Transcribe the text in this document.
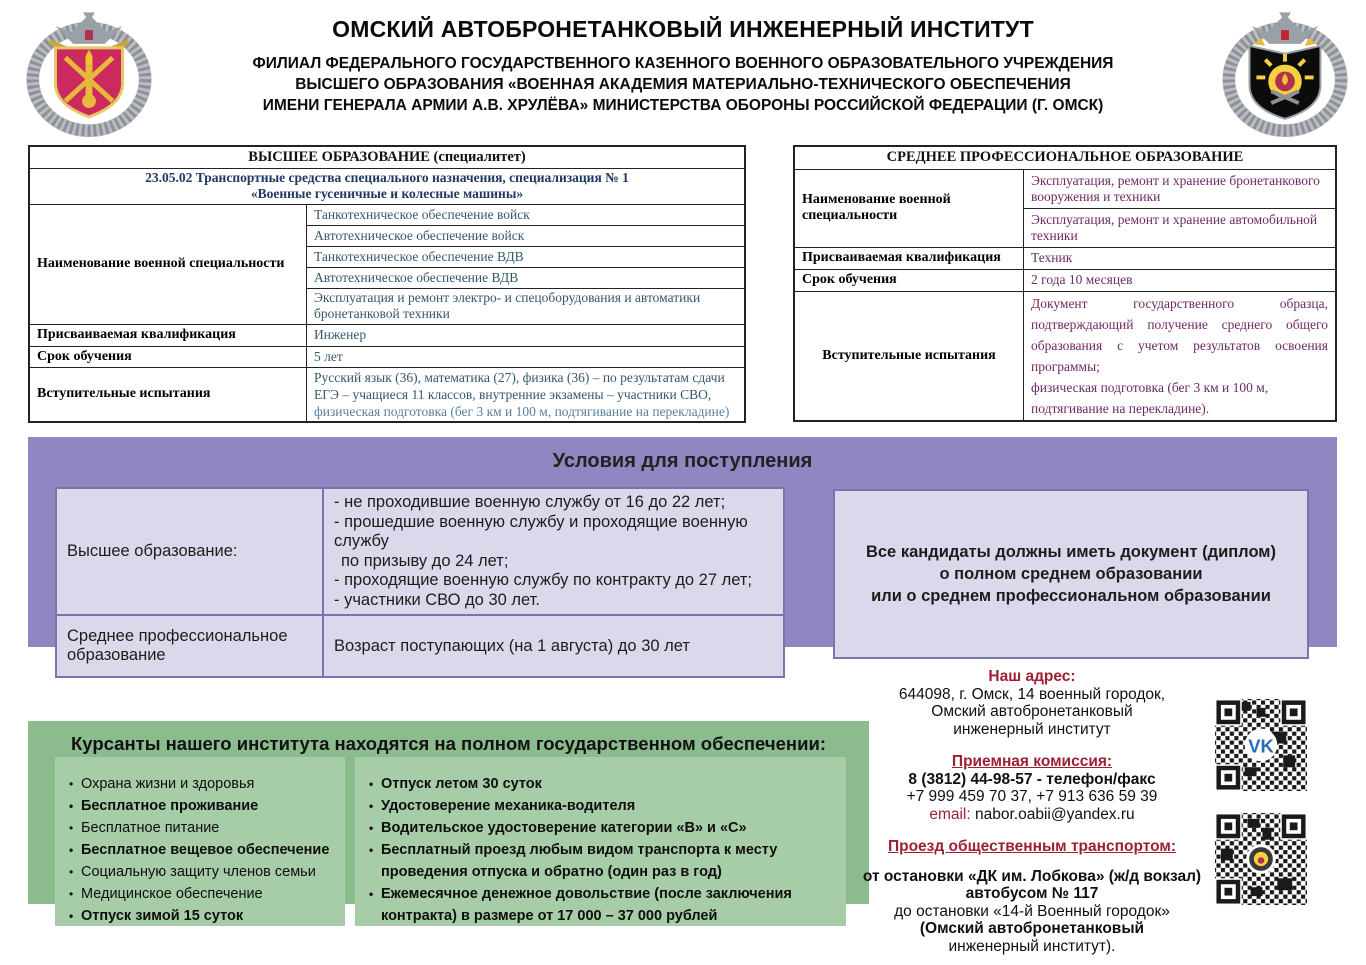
ОМСКИЙ АВТОБРОНЕТАНКОВЫЙ ИНЖЕНЕРНЫЙ ИНСТИТУТ
ФИЛИАЛ ФЕДЕРАЛЬНОГО ГОСУДАРСТВЕННОГО КАЗЕННОГО ВОЕННОГО ОБРАЗОВАТЕЛЬНОГО УЧРЕЖДЕНИЯ
ВЫСШЕГО ОБРАЗОВАНИЯ «ВОЕННАЯ АКАДЕМИЯ МАТЕРИАЛЬНО-ТЕХНИЧЕСКОГО ОБЕСПЕЧЕНИЯ
ИМЕНИ ГЕНЕРАЛА АРМИИ А.В. ХРУЛЁВА» МИНИСТЕРСТВА ОБОРОНЫ РОССИЙСКОЙ ФЕДЕРАЦИИ (Г. ОМСК)
ВЫСШЕЕ ОБРАЗОВАНИЕ (специалитет)	

23.05.02 Транспортные средства специального назначения, специализация № 1
«Военные гусеничные и колесные машины»	

Наименование военной специальности	Танкотехническое обеспечение войск
	Автотехническое обеспечение войск
	Танкотехническое обеспечение ВДВ
	Автотехническое обеспечение ВДВ
	Эксплуатация и ремонт электро- и спецоборудования и автоматики бронетанковой техники
Присваиваемая квалификация	Инженер
Срок обучения	5 лет
Вступительные испытания	Русский язык (36), математика (27), физика (36) – по результатам сдачи ЕГЭ – учащиеся 11 классов, внутренние экзамены – участники СВО,
физическая подготовка (бег 3 км и 100 м, подтягивание на перекладине)
СРЕДНЕЕ ПРОФЕССИОНАЛЬНОЕ ОБРАЗОВАНИЕ	
Наименование военной специальности	Эксплуатация, ремонт и хранение бронетанкового вооружения и техники
	Эксплуатация, ремонт и хранение автомобильной техники
Присваиваемая квалификация	Техник
Срок обучения	2 года 10 месяцев
Вступительные испытания	Документ государственного образца, подтверждающий получение среднего общего образования с учетом результатов освоения программы;
физическая подготовка (бег 3 км и 100 м, подтягивание на перекладине).
Условия для поступления
Высшее образование:	- не проходившие военную службу от 16 до 22 лет;
- прошедшие военную службу и проходящие военную службу
по призыву до 24 лет;
- проходящие военную службу по контракту до 27 лет;
- участники СВО до 30 лет.

Среднее профессиональное образование	Возраст поступающих (на 1 августа) до 30 лет
Все кандидаты должны иметь документ (диплом)
о полном среднем образовании
или о среднем профессиональном образовании
Курсанты нашего института находятся на полном государственном обеспечении:
• Охрана жизни и здоровья
• Бесплатное проживание
• Бесплатное питание
• Бесплатное вещевое обеспечение
• Социальную защиту членов семьи
• Медицинское обеспечение
• Отпуск зимой 15 суток
• Отпуск летом 30 суток
• Удостоверение механика-водителя
• Водительское удостоверение категории «В» и «С»
• Бесплатный проезд любым видом транспорта к месту проведения отпуска и обратно (один раз в год)
• Ежемесячное денежное довольствие (после заключения контракта) в размере от 17 000 – 37 000 рублей
Наш адрес:
644098, г. Омск, 14 военный городок,
Омский автобронетанковый
инженерный институт
Приемная комиссия:
8 (3812) 44-98-57 - телефон/факс
+7 999 459 70 37, +7 913 636 59 39
email: nabor.oabii@yandex.ru
Проезд общественным транспортом:
от остановки «ДК им. Лобкова» (ж/д вокзал)
автобусом № 117
до остановки «14-й Военный городок»
(Омский автобронетанковый
инженерный институт).
VK
